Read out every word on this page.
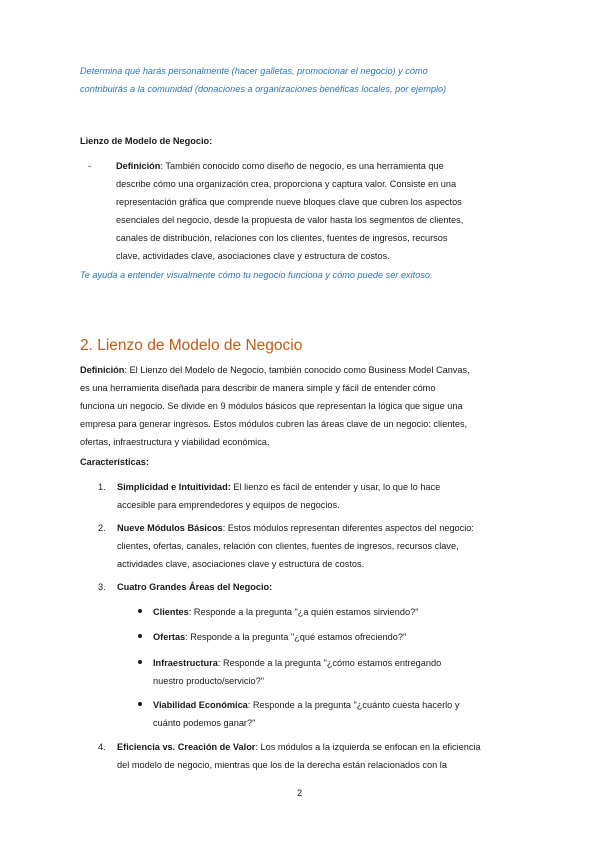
Determina qué harás personalmente (hacer galletas, promocionar el negocio) y cómo
contribuirás a la comunidad (donaciones a organizaciones benéficas locales, por ejemplo)
Lienzo de Modelo de Negocio:
-	Definición: También conocido como diseño de negocio, es una herramienta que
describe cómo una organización crea, proporciona y captura valor. Consiste en una
representación gráfica que comprende nueve bloques clave que cubren los aspectos
esenciales del negocio, desde la propuesta de valor hasta los segmentos de clientes,
canales de distribución, relaciones con los clientes, fuentes de ingresos, recursos
clave, actividades clave, asociaciones clave y estructura de costos.
Te ayuda a entender visualmente cómo tu negocio funciona y cómo puede ser exitoso.
2. Lienzo de Modelo de Negocio
Definición: El Lienzo del Modelo de Negocio, también conocido como Business Model Canvas,
es una herramienta diseñada para describir de manera simple y fácil de entender cómo
funciona un negocio. Se divide en 9 módulos básicos que representan la lógica que sigue una
empresa para generar ingresos. Estos módulos cubren las áreas clave de un negocio: clientes,
ofertas, infraestructura y viabilidad económica.
Características:
1. Simplicidad e Intuitividad: El lienzo es fácil de entender y usar, lo que lo hace
accesible para emprendedores y equipos de negocios.
2. Nueve Módulos Básicos: Estos módulos representan diferentes aspectos del negocio:
clientes, ofertas, canales, relación con clientes, fuentes de ingresos, recursos clave,
actividades clave, asociaciones clave y estructura de costos.
3. Cuatro Grandes Áreas del Negocio:
Clientes: Responde a la pregunta "¿a quién estamos sirviendo?"
Ofertas: Responde a la pregunta "¿qué estamos ofreciendo?"
Infraestructura: Responde a la pregunta "¿cómo estamos entregando
nuestro producto/servicio?"
Viabilidad Económica: Responde a la pregunta "¿cuánto cuesta hacerlo y
cuánto podemos ganar?"
4. Eficiencia vs. Creación de Valor: Los módulos a la izquierda se enfocan en la eficiencia
del modelo de negocio, mientras que los de la derecha están relacionados con la
2
